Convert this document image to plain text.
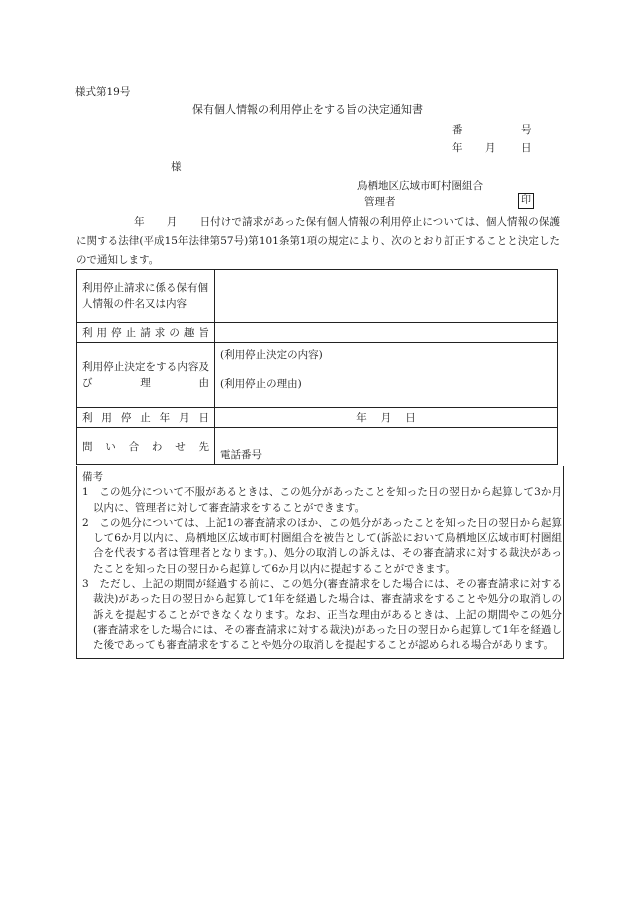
様式第19号
保有個人情報の利用停止をする旨の決定通知書
番	号
年 月 日
様
鳥栖地区広域市町村圏組合
管理者	印
年 月 日付けで請求があった保有個人情報の利用停止については、個人情報の保護に関する法律(平成15年法律第57号)第101条第1項の規定により、次のとおり訂正することと決定したので通知します。
利用停止請求に係る保有個人情報の件名又は内容	
利用停止請求の趣旨	
利用停止決定をする内容及び理由	(利用停止決定の内容)
(利用停止の理由)

利用停止年月日	年 月 日
問い合わせ先	電話番号
備考
1　この処分について不服があるときは、この処分があったことを知った日の翌日から起算して3か月以内に、管理者に対して審査請求をすることができます。
2　この処分については、上記1の審査請求のほか、この処分があったことを知った日の翌日から起算して6か月以内に、鳥栖地区広域市町村圏組合を被告として(訴訟において鳥栖地区広域市町村圏組合を代表する者は管理者となります。)、処分の取消しの訴えは、その審査請求に対する裁決があったことを知った日の翌日から起算して6か月以内に提起することができます。
3　ただし、上記の期間が経過する前に、この処分(審査請求をした場合には、その審査請求に対する裁決)があった日の翌日から起算して1年を経過した場合は、審査請求をすることや処分の取消しの訴えを提起することができなくなります。なお、正当な理由があるときは、上記の期間やこの処分(審査請求をした場合には、その審査請求に対する裁決)があった日の翌日から起算して1年を経過した後であっても審査請求をすることや処分の取消しを提起することが認められる場合があります。
